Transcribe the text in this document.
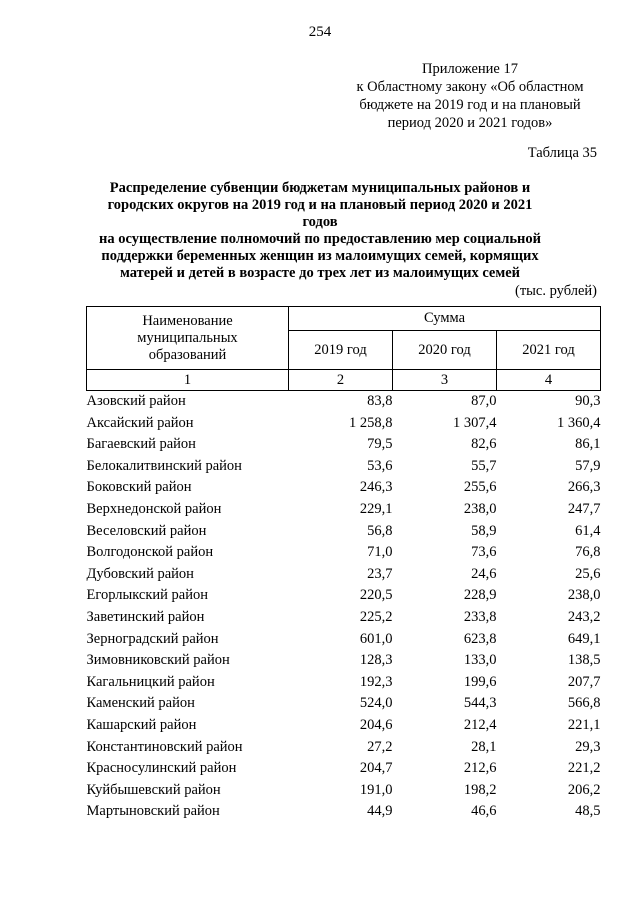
254
Приложение 17
к Областному закону «Об областном
бюджете на 2019 год и на плановый
период 2020 и 2021 годов»
Таблица 35
Распределение субвенции бюджетам муниципальных районов и
городских округов на 2019 год и на плановый период 2020 и 2021 годов
на осуществление полномочий по предоставлению мер социальной
поддержки беременных женщин из малоимущих семей, кормящих
матерей и детей в возрасте до трех лет из малоимущих семей
(тыс. рублей)
Наименование
муниципальных
образований	Сумма		
	2019 год	2020 год	2021 год
1	2	3	4
Азовский район	83,8	87,0	90,3
Аксайский район	1 258,8	1 307,4	1 360,4
Багаевский район	79,5	82,6	86,1
Белокалитвинский район	53,6	55,7	57,9
Боковский район	246,3	255,6	266,3
Верхнедонской район	229,1	238,0	247,7
Веселовский район	56,8	58,9	61,4
Волгодонской район	71,0	73,6	76,8
Дубовский район	23,7	24,6	25,6
Егорлыкский район	220,5	228,9	238,0
Заветинский район	225,2	233,8	243,2
Зерноградский район	601,0	623,8	649,1
Зимовниковский район	128,3	133,0	138,5
Кагальницкий район	192,3	199,6	207,7
Каменский район	524,0	544,3	566,8
Кашарский район	204,6	212,4	221,1
Константиновский район	27,2	28,1	29,3
Красносулинский район	204,7	212,6	221,2
Куйбышевский район	191,0	198,2	206,2
Мартыновский район	44,9	46,6	48,5
